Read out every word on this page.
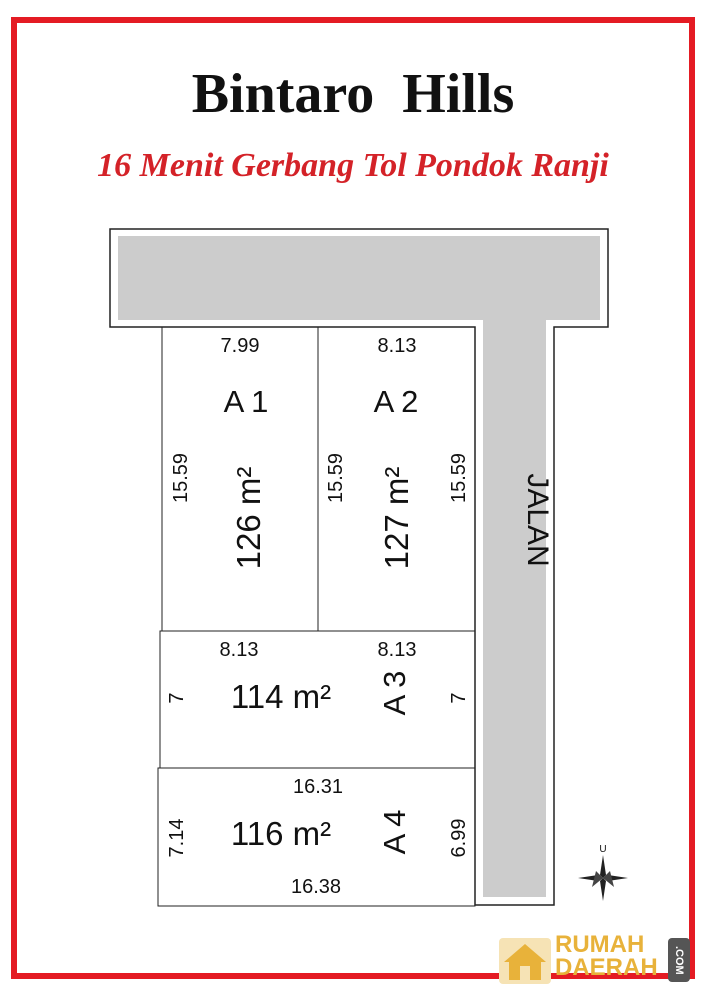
Bintaro Hills
16 Menit Gerbang Tol Pondok Ranji
JALAN
7.99
A 1
15.59 126 m²
8.13
A 2
15.59 127 m² 15.59
8.13	8.13
7 114 m² A 3 7
16.31
7.14 116 m² A 4 6.99
16.38
U
RUMAH
DAERAH	.COM
